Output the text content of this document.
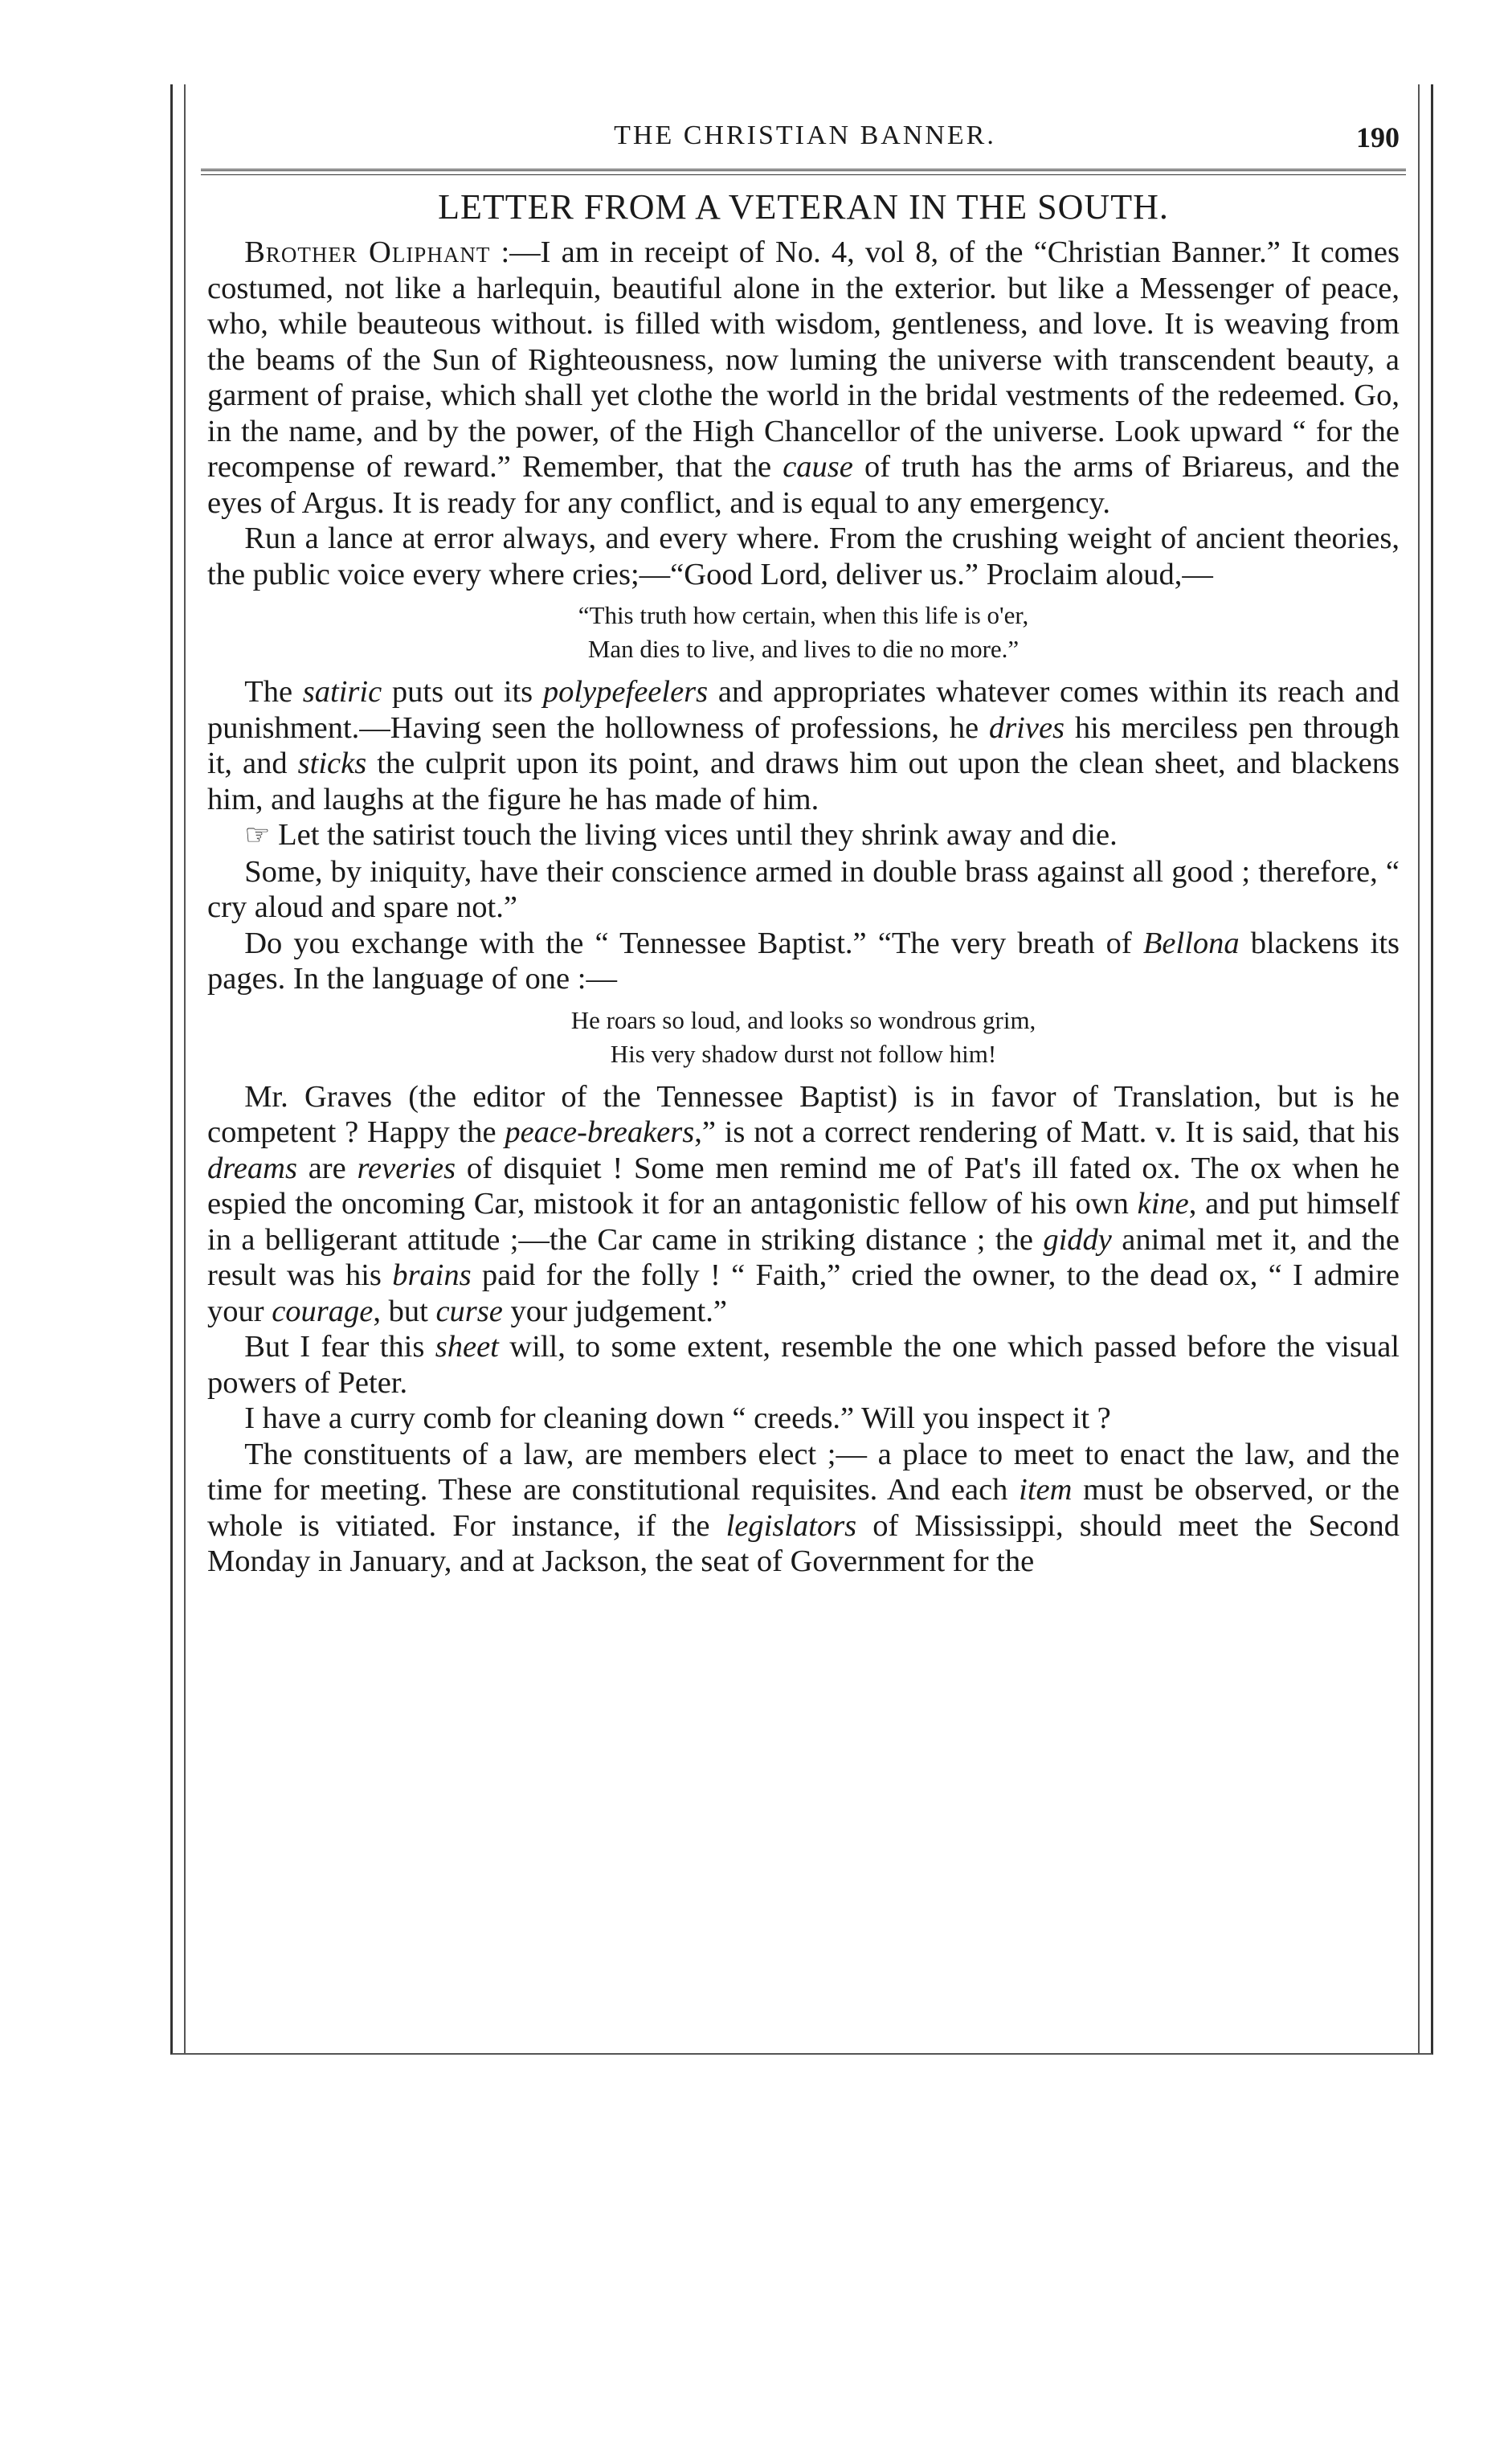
THE CHRISTIAN BANNER.	190
LETTER FROM A VETERAN IN THE SOUTH.

Brother Oliphant :—I am in receipt of No. 4, vol 8, of the “Christian Banner.” It comes costumed, not like a harlequin, beautiful alone in the exterior. but like a Messenger of peace, who, while beauteous without. is filled with wisdom, gentleness, and love. It is weaving from the beams of the Sun of Righteousness, now luming the universe with transcendent beauty, a garment of praise, which shall yet clothe the world in the bridal vestments of the redeemed. Go, in the name, and by the power, of the High Chancellor of the universe. Look upward “ for the recompense of reward.” Remember, that the cause of truth has the arms of Briareus, and the eyes of Argus. It is ready for any conflict, and is equal to any emergency.

Run a lance at error always, and every where. From the crushing weight of ancient theories, the public voice every where cries;—“Good Lord, deliver us.” Proclaim aloud,—

“This truth how certain, when this life is o'er,
Man dies to live, and lives to die no more.”

The satiric puts out its polypefeelers and appropriates whatever comes within its reach and punishment.—Having seen the hollowness of professions, he drives his merciless pen through it, and sticks the culprit upon its point, and draws him out upon the clean sheet, and blackens him, and laughs at the figure he has made of him.

☞ Let the satirist touch the living vices until they shrink away and die.

Some, by iniquity, have their conscience armed in double brass against all good ; therefore, “ cry aloud and spare not.”

Do you exchange with the “ Tennessee Baptist.” “The very breath of Bellona blackens its pages. In the language of one :—

He roars so loud, and looks so wondrous grim,
His very shadow durst not follow him!

Mr. Graves (the editor of the Tennessee Baptist) is in favor of Translation, but is he competent ? Happy the peace-breakers,” is not a correct rendering of Matt. v. It is said, that his dreams are reveries of disquiet ! Some men remind me of Pat's ill fated ox. The ox when he espied the oncoming Car, mistook it for an antagonistic fellow of his own kine, and put himself in a belligerant attitude ;—the Car came in striking distance ; the giddy animal met it, and the result was his brains paid for the folly ! “ Faith,” cried the owner, to the dead ox, “ I admire your courage, but curse your judgement.”

But I fear this sheet will, to some extent, resemble the one which passed before the visual powers of Peter.

I have a curry comb for cleaning down “ creeds.” Will you inspect it ?

The constituents of a law, are members elect ;— a place to meet to enact the law, and the time for meeting. These are constitutional requisites. And each item must be observed, or the whole is vitiated. For instance, if the legislators of Mississippi, should meet the Second Monday in January, and at Jackson, the seat of Government for the
